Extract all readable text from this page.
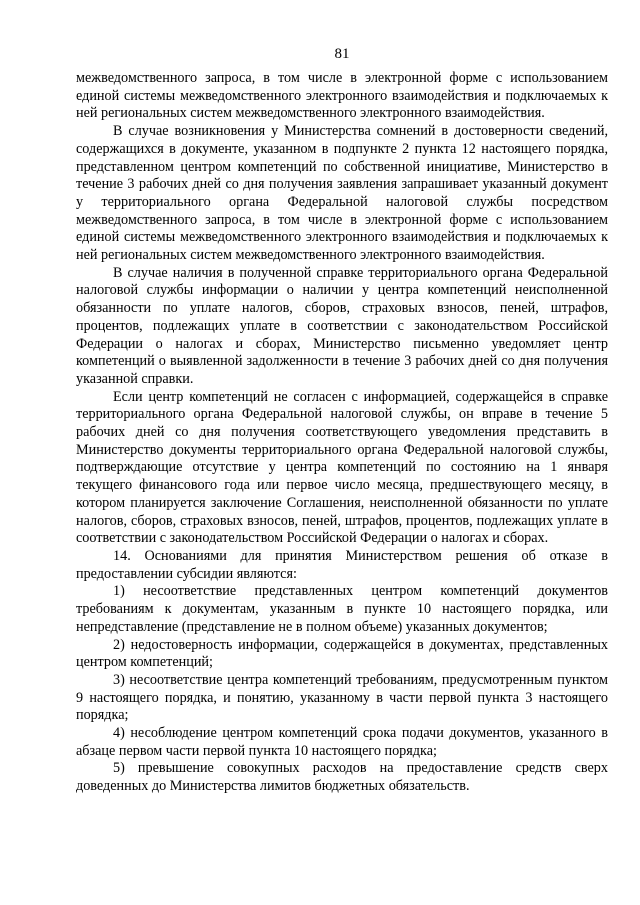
81

межведомственного запроса, в том числе в электронной форме с использованием единой системы межведомственного электронного взаимодействия и подключаемых к ней региональных систем межведомственного электронного взаимодействия.

В случае возникновения у Министерства сомнений в достоверности сведений, содержащихся в документе, указанном в подпункте 2 пункта 12 настоящего порядка, представленном центром компетенций по собственной инициативе, Министерство в течение 3 рабочих дней со дня получения заявления запрашивает указанный документ у территориального органа Федеральной налоговой службы посредством межведомственного запроса, в том числе в электронной форме с использованием единой системы межведомственного электронного взаимодействия и подключаемых к ней региональных систем межведомственного электронного взаимодействия.

В случае наличия в полученной справке территориального органа Федеральной налоговой службы информации о наличии у центра компетенций неисполненной обязанности по уплате налогов, сборов, страховых взносов, пеней, штрафов, процентов, подлежащих уплате в соответствии с законодательством Российской Федерации о налогах и сборах, Министерство письменно уведомляет центр компетенций о выявленной задолженности в течение 3 рабочих дней со дня получения указанной справки.

Если центр компетенций не согласен с информацией, содержащейся в справке территориального органа Федеральной налоговой службы, он вправе в течение 5 рабочих дней со дня получения соответствующего уведомления представить в Министерство документы территориального органа Федеральной налоговой службы, подтверждающие отсутствие у центра компетенций по состоянию на 1 января текущего финансового года или первое число месяца, предшествующего месяцу, в котором планируется заключение Соглашения, неисполненной обязанности по уплате налогов, сборов, страховых взносов, пеней, штрафов, процентов, подлежащих уплате в соответствии с законодательством Российской Федерации о налогах и сборах.

14. Основаниями для принятия Министерством решения об отказе в предоставлении субсидии являются:

1) несоответствие представленных центром компетенций документов требованиям к документам, указанным в пункте 10 настоящего порядка, или непредставление (представление не в полном объеме) указанных документов;

2) недостоверность информации, содержащейся в документах, представленных центром компетенций;

3) несоответствие центра компетенций требованиям, предусмотренным пунктом 9 настоящего порядка, и понятию, указанному в части первой пункта 3 настоящего порядка;

4) несоблюдение центром компетенций срока подачи документов, указанного в абзаце первом части первой пункта 10 настоящего порядка;

5) превышение совокупных расходов на предоставление средств сверх доведенных до Министерства лимитов бюджетных обязательств.
